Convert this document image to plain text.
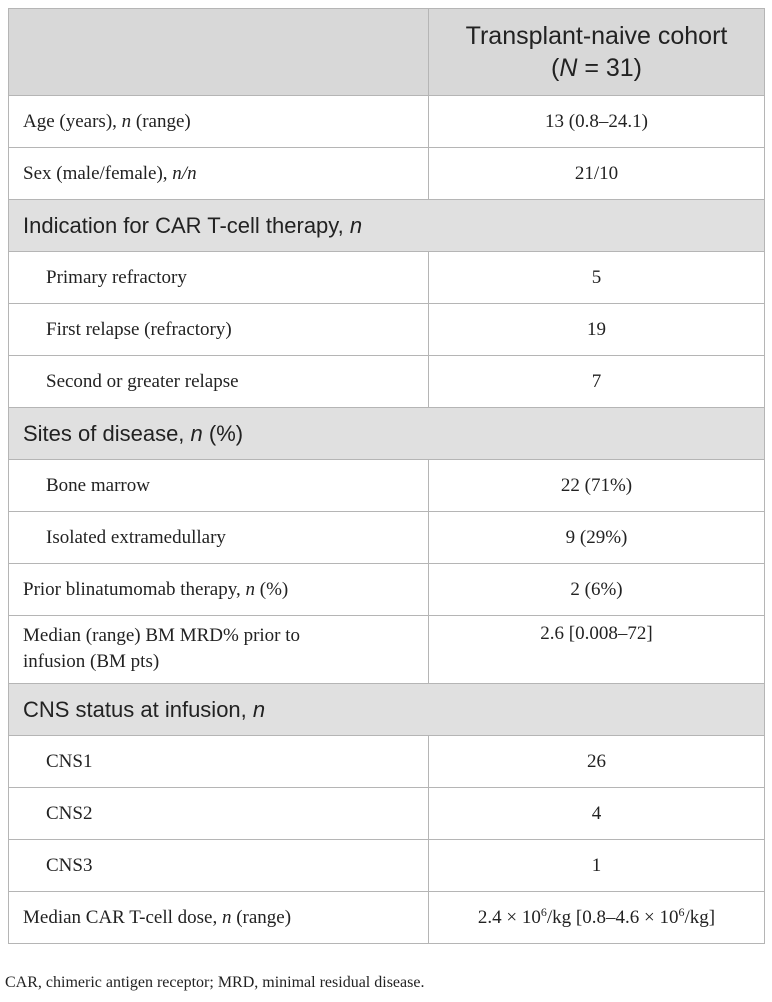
	Transplant-naive cohort
(N = 31)

Age (years), n (range)	13 (0.8–24.1)
Sex (male/female), n/n	21/10
Indication for CAR T-cell therapy, n	
Primary refractory	5
First relapse (refractory)	19
Second or greater relapse	7
Sites of disease, n (%)	
Bone marrow	22 (71%)
Isolated extramedullary	9 (29%)
Prior blinatumomab therapy, n (%)	2 (6%)

Median (range) BM MRD% prior to
infusion (BM pts)	2.6 [0.008–72]
CNS status at infusion, n	
CNS1	26
CNS2	4
CNS3	1
Median CAR T-cell dose, n (range)	$2.4 \times 10^6/kg$ $[0.8-4.6 \times 10^6/kg]$
CAR, chimeric antigen receptor; MRD, minimal residual disease.
